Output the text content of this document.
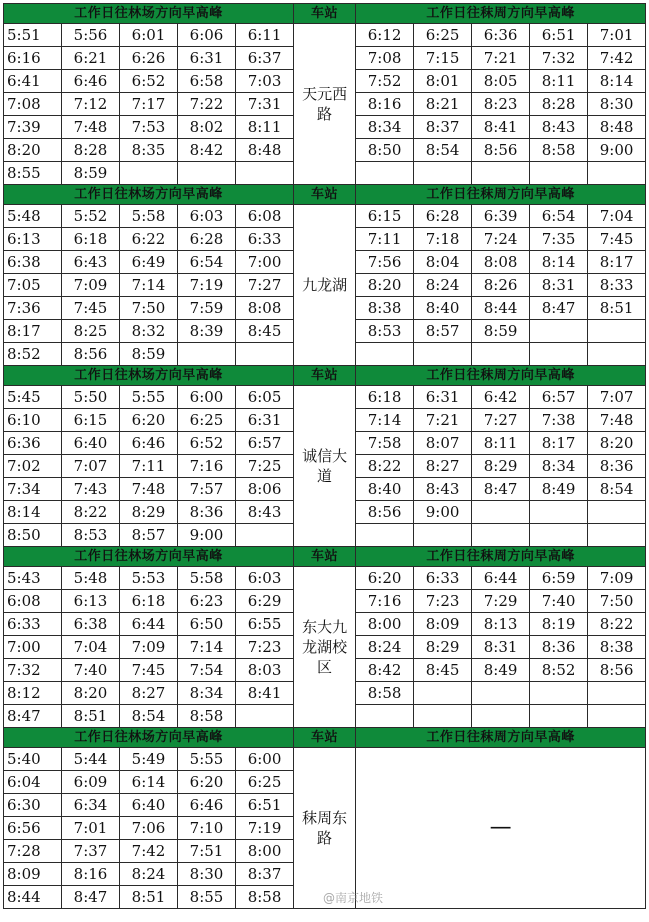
工作日往林场方向早高峰					车站	工作日往秣周方向早高峰				
5:51	5:56	6:01	6:06	6:11	天元西路	6:12	6:25	6:36	6:51	7:01
6:16	6:21	6:26	6:31	6:37		7:08	7:15	7:21	7:32	7:42
6:41	6:46	6:52	6:58	7:03		7:52	8:01	8:05	8:11	8:14
7:08	7:12	7:17	7:22	7:31		8:16	8:21	8:23	8:28	8:30
7:39	7:48	7:53	8:02	8:11		8:34	8:37	8:41	8:43	8:48
8:20	8:28	8:35	8:42	8:48		8:50	8:54	8:56	8:58	9:00
8:55	8:59									
工作日往林场方向早高峰					车站	工作日往秣周方向早高峰				
5:48	5:52	5:58	6:03	6:08	九龙湖	6:15	6:28	6:39	6:54	7:04
6:13	6:18	6:22	6:28	6:33		7:11	7:18	7:24	7:35	7:45
6:38	6:43	6:49	6:54	7:00		7:56	8:04	8:08	8:14	8:17
7:05	7:09	7:14	7:19	7:27		8:20	8:24	8:26	8:31	8:33
7:36	7:45	7:50	7:59	8:08		8:38	8:40	8:44	8:47	8:51
8:17	8:25	8:32	8:39	8:45		8:53	8:57	8:59		
8:52	8:56	8:59								
工作日往林场方向早高峰					车站	工作日往秣周方向早高峰				
5:45	5:50	5:55	6:00	6:05	诚信大道	6:18	6:31	6:42	6:57	7:07
6:10	6:15	6:20	6:25	6:31		7:14	7:21	7:27	7:38	7:48
6:36	6:40	6:46	6:52	6:57		7:58	8:07	8:11	8:17	8:20
7:02	7:07	7:11	7:16	7:25		8:22	8:27	8:29	8:34	8:36
7:34	7:43	7:48	7:57	8:06		8:40	8:43	8:47	8:49	8:54
8:14	8:22	8:29	8:36	8:43		8:56	9:00			
8:50	8:53	8:57	9:00							
工作日往林场方向早高峰					车站	工作日往秣周方向早高峰				
5:43	5:48	5:53	5:58	6:03	东大九龙湖校区	6:20	6:33	6:44	6:59	7:09
6:08	6:13	6:18	6:23	6:29		7:16	7:23	7:29	7:40	7:50
6:33	6:38	6:44	6:50	6:55		8:00	8:09	8:13	8:19	8:22
7:00	7:04	7:09	7:14	7:23		8:24	8:29	8:31	8:36	8:38
7:32	7:40	7:45	7:54	8:03		8:42	8:45	8:49	8:52	8:56
8:12	8:20	8:27	8:34	8:41		8:58				
8:47	8:51	8:54	8:58							
工作日往林场方向早高峰					车站	工作日往秣周方向早高峰				
5:40	5:44	5:49	5:55	6:00	秣周东路	—				
6:04	6:09	6:14	6:20	6:25						
6:30	6:34	6:40	6:46	6:51						
6:56	7:01	7:06	7:10	7:19						
7:28	7:37	7:42	7:51	8:00						
8:09	8:16	8:24	8:30	8:37						
8:44	8:47	8:51	8:55	8:58							@南京地铁
